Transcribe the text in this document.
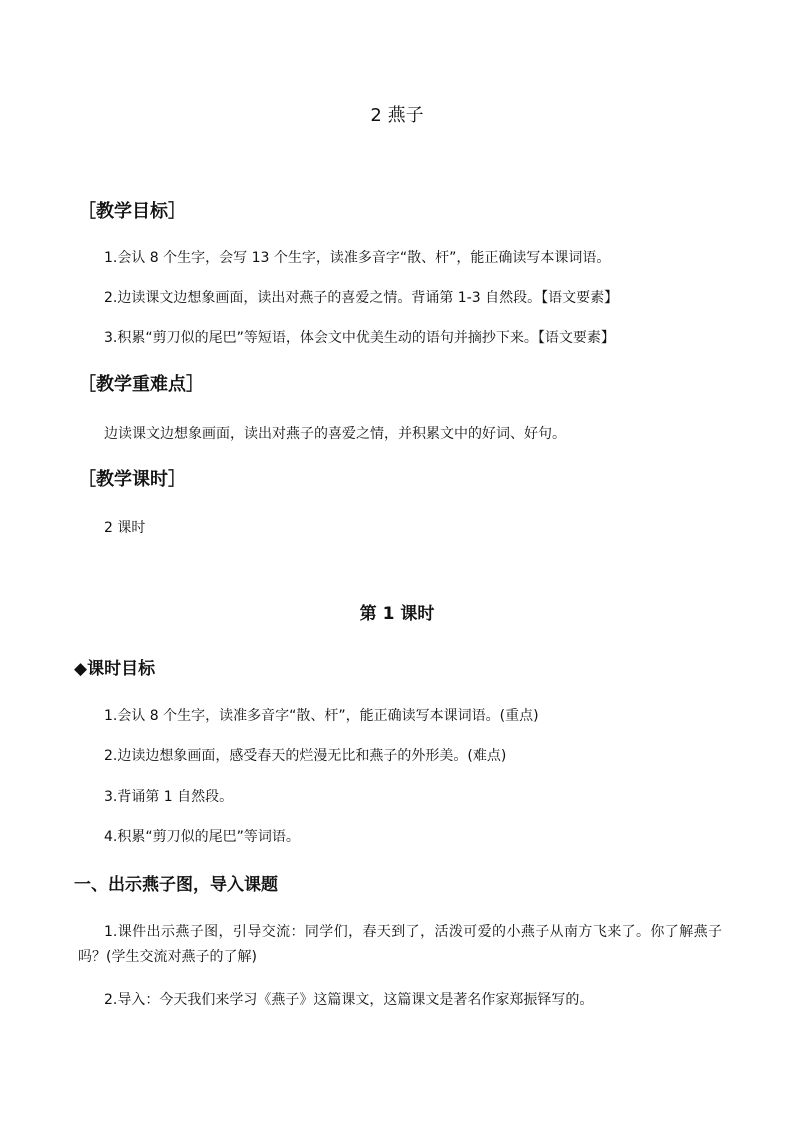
2 燕子
［教学目标］
1.会认 8 个生字，会写 13 个生字，读准多音字“散、杆”，能正确读写本课词语。
2.边读课文边想象画面，读出对燕子的喜爱之情。背诵第 1-3 自然段。【语文要素】
3.积累“剪刀似的尾巴”等短语，体会文中优美生动的语句并摘抄下来。【语文要素】
［教学重难点］
边读课文边想象画面，读出对燕子的喜爱之情，并积累文中的好词、好句。
［教学课时］
2 课时
第 1 课时
◆课时目标
1.会认 8 个生字，读准多音字“散、杆”，能正确读写本课词语。(重点)
2.边读边想象画面，感受春天的烂漫无比和燕子的外形美。(难点)
3.背诵第 1 自然段。
4.积累“剪刀似的尾巴”等词语。
一、出示燕子图，导入课题
1.课件出示燕子图，引导交流：同学们，春天到了，活泼可爱的小燕子从南方飞来了。你了解燕子吗？(学生交流对燕子的了解)
2.导入：今天我们来学习《燕子》这篇课文，这篇课文是著名作家郑振铎写的。
